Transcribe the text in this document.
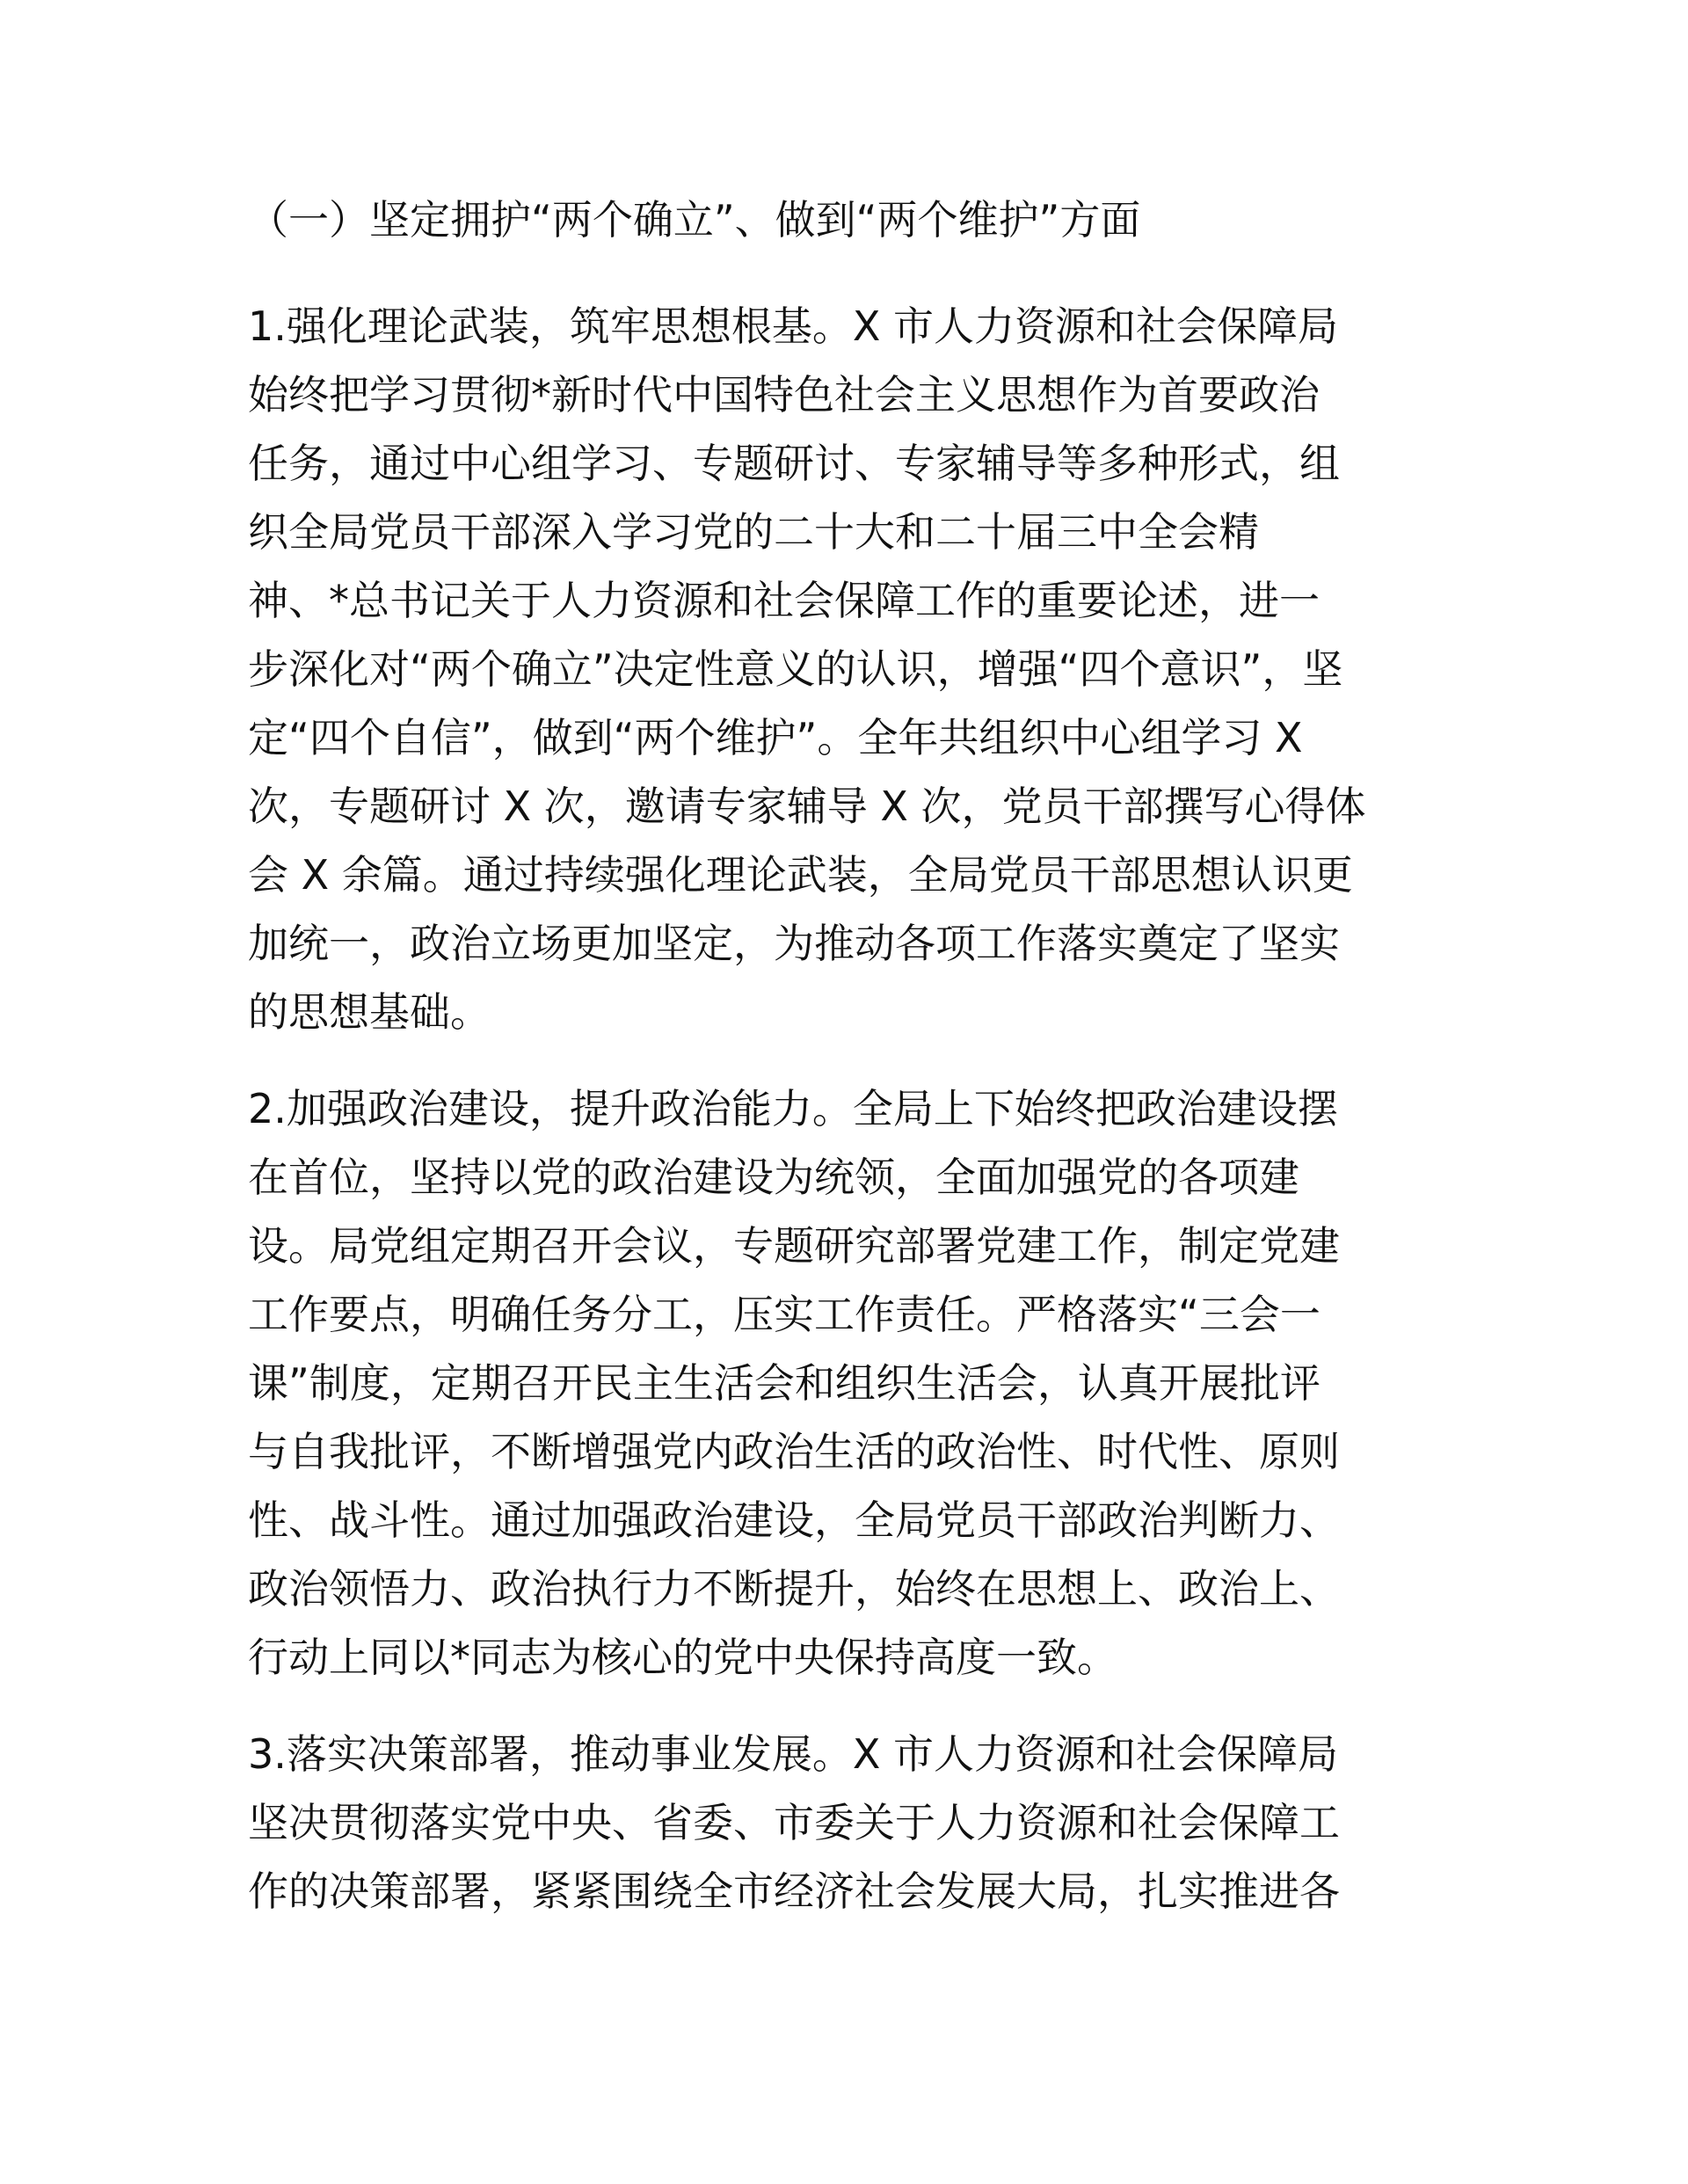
（一）坚定拥护“两个确立”、做到“两个维护”方面
1.强化理论武装，筑牢思想根基。X 市人力资源和社会保障局
始终把学习贯彻*新时代中国特色社会主义思想作为首要政治
任务，通过中心组学习、专题研讨、专家辅导等多种形式，组
织全局党员干部深入学习党的二十大和二十届三中全会精
神、*总书记关于人力资源和社会保障工作的重要论述，进一
步深化对“两个确立”决定性意义的认识，增强“四个意识”，坚
定“四个自信”，做到“两个维护”。全年共组织中心组学习 X
次，专题研讨 X 次，邀请专家辅导 X 次，党员干部撰写心得体
会 X 余篇。通过持续强化理论武装，全局党员干部思想认识更
加统一，政治立场更加坚定，为推动各项工作落实奠定了坚实
的思想基础。
2.加强政治建设，提升政治能力。全局上下始终把政治建设摆
在首位，坚持以党的政治建设为统领，全面加强党的各项建
设。局党组定期召开会议，专题研究部署党建工作，制定党建
工作要点，明确任务分工，压实工作责任。严格落实“三会一
课”制度，定期召开民主生活会和组织生活会，认真开展批评
与自我批评，不断增强党内政治生活的政治性、时代性、原则
性、战斗性。通过加强政治建设，全局党员干部政治判断力、
政治领悟力、政治执行力不断提升，始终在思想上、政治上、
行动上同以*同志为核心的党中央保持高度一致。
3.落实决策部署，推动事业发展。X 市人力资源和社会保障局
坚决贯彻落实党中央、省委、市委关于人力资源和社会保障工
作的决策部署，紧紧围绕全市经济社会发展大局，扎实推进各
